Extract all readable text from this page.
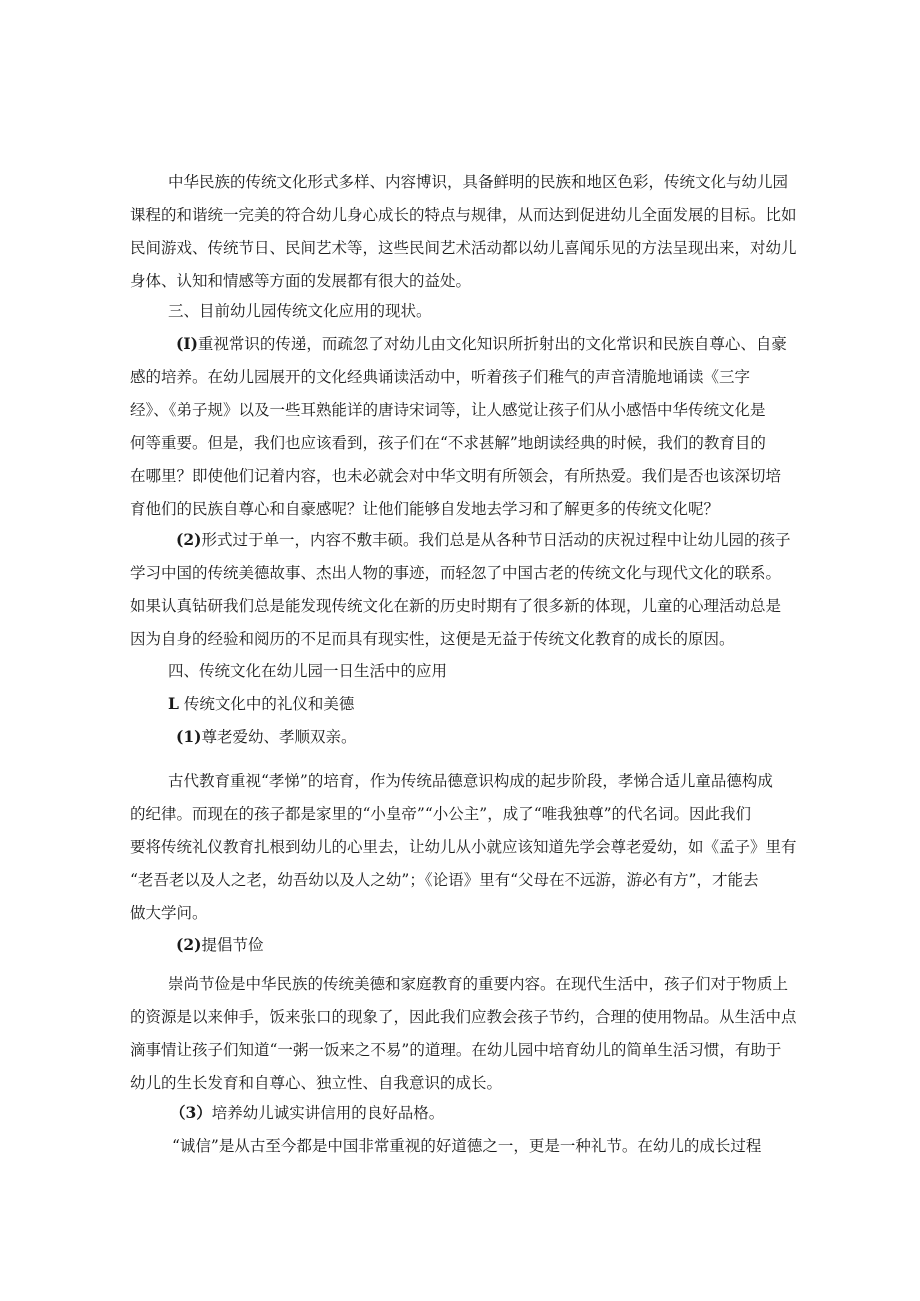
中华民族的传统文化形式多样、内容博识，具备鲜明的民族和地区色彩，传统文化与幼儿园

课程的和谐统一完美的符合幼儿身心成长的特点与规律，从而达到促进幼儿全面发展的目标。比如

民间游戏、传统节日、民间艺术等，这些民间艺术活动都以幼儿喜闻乐见的方法呈现出来，对幼儿

身体、认知和情感等方面的发展都有很大的益处。

三、目前幼儿园传统文化应用的现状。

(I)重视常识的传递，而疏忽了对幼儿由文化知识所折射出的文化常识和民族自尊心、自豪

感的培养。在幼儿园展开的文化经典诵读活动中，听着孩子们稚气的声音清脆地诵读《三字

经》、《弟子规》以及一些耳熟能详的唐诗宋词等，让人感觉让孩子们从小感悟中华传统文化是

何等重要。但是，我们也应该看到，孩子们在“不求甚解”地朗读经典的时候，我们的教育目的

在哪里？即使他们记着内容，也未必就会对中华文明有所领会，有所热爱。我们是否也该深切培

育他们的民族自尊心和自豪感呢？让他们能够自发地去学习和了解更多的传统文化呢？

(2)形式过于单一，内容不敷丰硕。我们总是从各种节日活动的庆祝过程中让幼儿园的孩子

学习中国的传统美德故事、杰出人物的事迹，而轻忽了中国古老的传统文化与现代文化的联系。

如果认真钻研我们总是能发现传统文化在新的历史时期有了很多新的体现，儿童的心理活动总是

因为自身的经验和阅历的不足而具有现实性，这便是无益于传统文化教育的成长的原因。

四、传统文化在幼儿园一日生活中的应用

L 传统文化中的礼仪和美德

(1)尊老爱幼、孝顺双亲。

古代教育重视“孝悌”的培育，作为传统品德意识构成的起步阶段，孝悌合适儿童品德构成

的纪律。而现在的孩子都是家里的“小皇帝”“小公主”，成了“唯我独尊”的代名词。因此我们

要将传统礼仪教育扎根到幼儿的心里去，让幼儿从小就应该知道先学会尊老爱幼，如《孟子》里有

“老吾老以及人之老，幼吾幼以及人之幼”；《论语》里有“父母在不远游，游必有方”，才能去

做大学问。

(2)提倡节俭

崇尚节俭是中华民族的传统美德和家庭教育的重要内容。在现代生活中，孩子们对于物质上

的资源是以来伸手，饭来张口的现象了，因此我们应教会孩子节约，合理的使用物品。从生活中点

滴事情让孩子们知道“一粥一饭来之不易”的道理。在幼儿园中培育幼儿的简单生活习惯，有助于

幼儿的生长发育和自尊心、独立性、自我意识的成长。

（3）培养幼儿诚实讲信用的良好品格。

“诚信”是从古至今都是中国非常重视的好道德之一，更是一种礼节。在幼儿的成长过程
